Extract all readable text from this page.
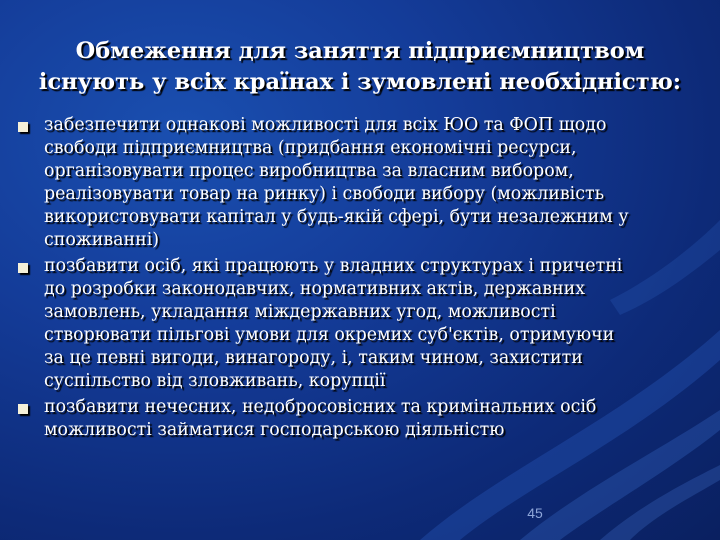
Обмеження для заняття підприємництвом
існують у всіх країнах і зумовлені необхідністю:
забезпечити однакові можливості для всіх ЮО та ФОП щодо
свободи підприємництва (придбання економічні ресурси,
організовувати процес виробництва за власним вибором,
реалізовувати товар на ринку) і свободи вибору (можливість
використовувати капітал у будь-якій сфері, бути незалежним у
споживанні)
позбавити осіб, які працюють у владних структурах і причетні
до розробки законодавчих, нормативних актів, державних
замовлень, укладання міждержавних угод, можливості
створювати пільгові умови для окремих суб'єктів, отримуючи
за це певні вигоди, винагороду, і, таким чином, захистити
суспільство від зловживань, корупції
позбавити нечесних, недобросовісних та кримінальних осіб
можливості займатися господарською діяльністю
45
